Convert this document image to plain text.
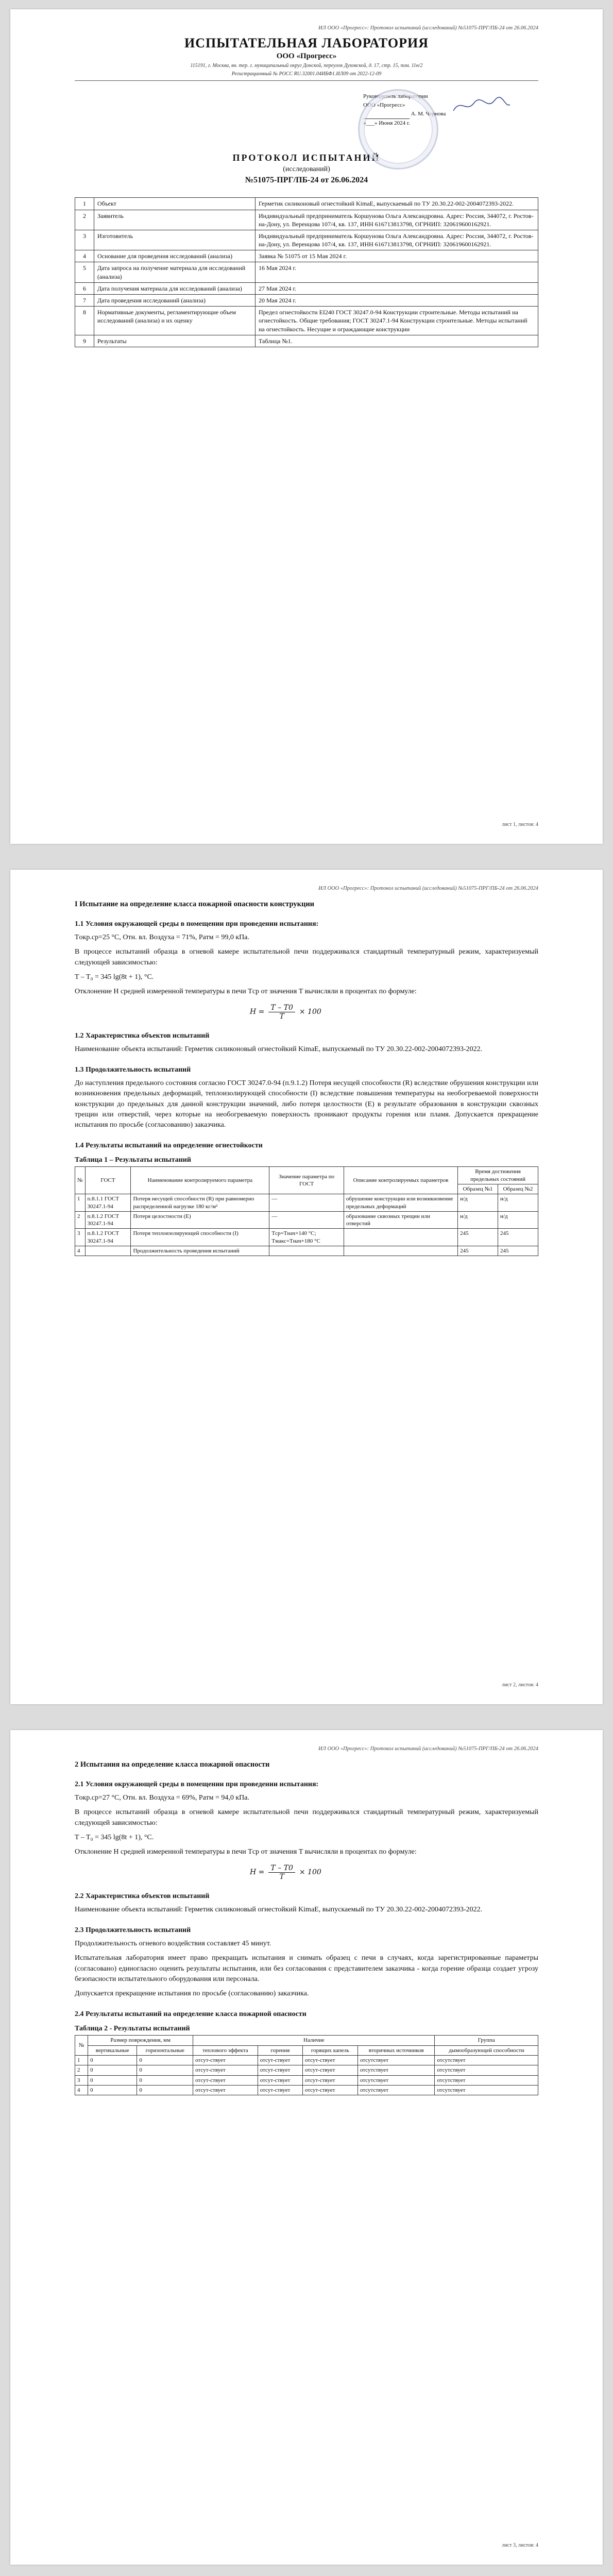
ИЛ ООО «Прогресс»: Протокол испытаний (исследований) №51075-ПРГ/ПБ-24 от 26.06.2024
ИСПЫТАТЕЛЬНАЯ ЛАБОРАТОРИЯ
ООО «Прогресс»
115191, г. Москва, вн. тер. г. муниципальный округ Донской, переулок Духовской, д. 17, стр. 15, пом. 11н/2
Регистрационный № РОСС RU.32001.04ИБФ1.ИЛ09 от 2022-12-09
Руководитель лаборатории
ООО «Прогресс»
А. М. Чернова
«___» Июня 2024 г.
ПРОТОКОЛ ИСПЫТАНИЙ
(исследований)
№51075-ПРГ/ПБ-24 от 26.06.2024
1	Объект	Герметик силиконовый огнестойкий KimaE, выпускаемый по ТУ 20.30.22-002-2004072393-2022.
2	Заявитель	Индивидуальный предприниматель Коршунова Ольга Александровна. Адрес: Россия, 344072, г. Ростов-на-Дону, ул. Веренцова 107/4, кв. 137, ИНН 616713813798, ОГРНИП: 320619600162921.
3	Изготовитель	Индивидуальный предприниматель Коршунова Ольга Александровна. Адрес: Россия, 344072, г. Ростов-на-Дону, ул. Веренцова 107/4, кв. 137, ИНН 616713813798, ОГРНИП: 320619600162921.
4	Основание для проведения исследований (анализа)	Заявка № 51075 от 15 Мая 2024 г.
5	Дата запроса на получение материала для исследований (анализа)	16 Мая 2024 г.
6	Дата получения материала для исследований (анализа)	27 Мая 2024 г.
7	Дата проведения исследований (анализа)	20 Мая 2024 г.
8	Нормативные документы, регламентирующие объем исследований (анализа) и их оценку	Предел огнестойкости EI240 ГОСТ 30247.0-94 Конструкции строительные. Методы испытаний на огнестойкость. Общие требования; ГОСТ 30247.1-94 Конструкции строительные. Методы испытаний на огнестойкость. Несущие и ограждающие конструкции
9	Результаты	Таблица №1.
лист 1, листов: 4
ИЛ ООО «Прогресс»: Протокол испытаний (исследований) №51075-ПРГ/ПБ-24 от 26.06.2024
I Испытание на определение класса пожарной опасности конструкции
1.1 Условия окружающей среды в помещении при проведении испытания:

Tокр.ср=25 °С, Отн. вл. Воздуха = 71%, Pатм = 99,0 кПа.

В процессе испытаний образца в огневой камере испытательной печи поддерживался стандартный температурный режим, характеризуемый следующей зависимостью:

T – T₀ = 345 lg(8t + 1), °С.

Отклонение H средней измеренной температуры в печи Tср от значения T вычисляли в процентах по формуле:

$H = \frac{T - T0}{T} \times 100$
1.2 Характеристика объектов испытаний

Наименование объекта испытаний: Герметик силиконовый огнестойкий KimaE, выпускаемый по ТУ 20.30.22-002-2004072393-2022.

1.3 Продолжительность испытаний

До наступления предельного состояния согласно ГОСТ 30247.0-94 (п.9.1.2) Потеря несущей способности (R) вследствие обрушения конструкции или возникновения предельных деформаций, теплоизолирующей способности (I) вследствие повышения температуры на необогреваемой поверхности конструкции до предельных для данной конструкции значений, либо потеря целостности (E) в результате образования в конструкции сквозных трещин или отверстий, через которые на необогреваемую поверхность проникают продукты горения или пламя. Допускается прекращение испытания по просьбе (согласованию) заказчика.

1.4 Результаты испытаний на определение огнестойкости
Таблица 1 – Результаты испытаний
№	ГОСТ	Наименование контролируемого параметра	Значение параметра по ГОСТ	Описание контролируемых параметров	Время достижения предельных состояний	
					Образец №1	Образец №2
1	п.8.1.1 ГОСТ 30247.1-94	Потеря несущей способности (R) при равномерно распределенной нагрузке 180 кг/м²	—	обрушение конструкции или возникновение предельных деформаций	н/д	н/д
2	п.8.1.2 ГОСТ 30247.1-94	Потеря целостности (E)	—	образование сквозных трещин или отверстий	н/д	н/д
3	п.8.1.2 ГОСТ 30247.1-94	Потеря теплоизолирующей способности (I)	Tср=Tнач+140 °С; Tмакс=Tнач+180 °С		245	245
4		Продолжительность проведения испытаний			245	245
лист 2, листов: 4
ИЛ ООО «Прогресс»: Протокол испытаний (исследований) №51075-ПРГ/ПБ-24 от 26.06.2024
2 Испытания на определение класса пожарной опасности
2.1 Условия окружающей среды в помещении при проведении испытания:

Tокр.ср=27 °С, Отн. вл. Воздуха = 69%, Pатм = 94,0 кПа.

В процессе испытаний образца в огневой камере испытательной печи поддерживался стандартный температурный режим, характеризуемый следующей зависимостью:

T – T₀ = 345 lg(8t + 1), °С.

Отклонение H средней измеренной температуры в печи Tср от значения T вычисляли в процентах по формуле:

$H = \frac{T - T0}{T} \times 100$
2.2 Характеристика объектов испытаний

Наименование объекта испытаний: Герметик силиконовый огнестойкий KimaE, выпускаемый по ТУ 20.30.22-002-2004072393-2022.

2.3 Продолжительность испытаний

Продолжительность огневого воздействия составляет 45 минут.

Испытательная лаборатория имеет право прекращать испытания и снимать образец с печи в случаях, когда зарегистрированные параметры (согласовано) единогласно оценить результаты испытания, или без согласования с представителем заказчика - когда горение образца создает угрозу безопасности испытательного оборудования или персонала.

Допускается прекращение испытания по просьбе (согласованию) заказчика.

2.4 Результаты испытаний на определение класса пожарной опасности
Таблица 2 - Результаты испытаний
№	Размер повреждения, мм		Наличие				Группа
	вертикальные	горизонтальные	теплового эффекта	горения	горящих капель	вторичных источников	дымообразующей способности
1	0	0	отсут-ствует	отсут-ствует	отсут-ствует	отсутствует	отсутствует
2	0	0	отсут-ствует	отсут-ствует	отсут-ствует	отсутствует	отсутствует
3	0	0	отсут-ствует	отсут-ствует	отсут-ствует	отсутствует	отсутствует
4	0	0	отсут-ствует	отсут-ствует	отсут-ствует	отсутствует	отсутствует
лист 3, листов: 4
